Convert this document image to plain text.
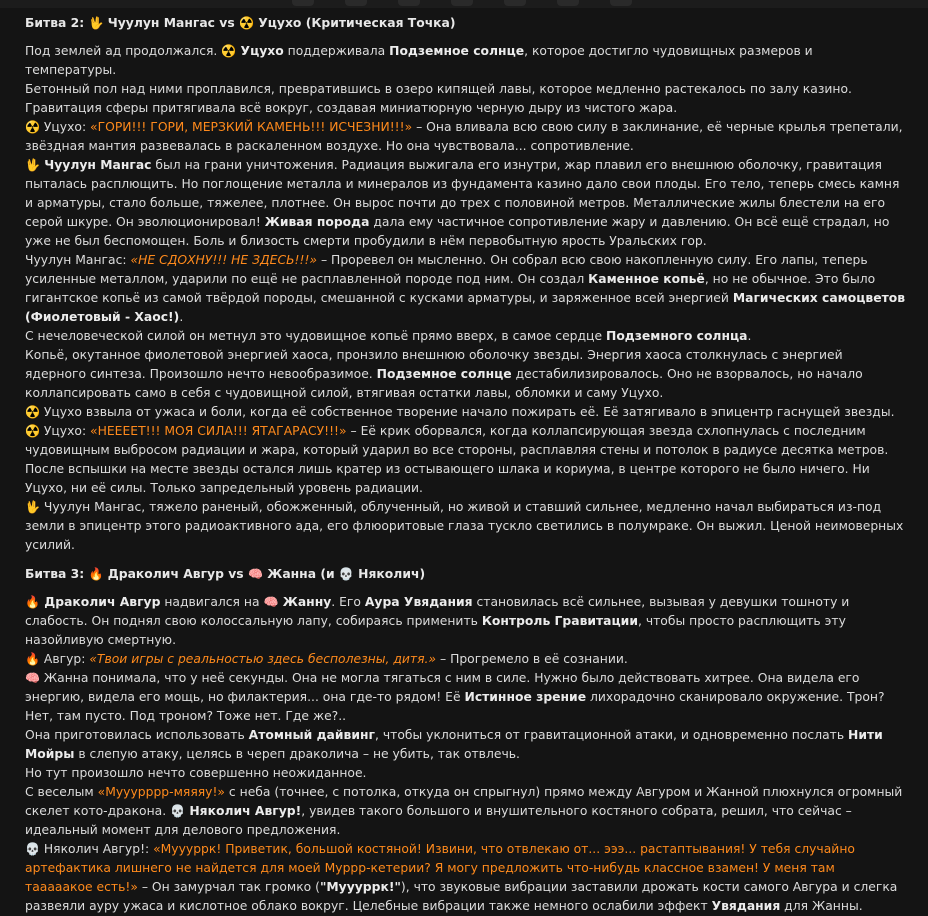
Битва 2: 🖖 Чуулун Мангас vs ☢️ Уцухо (Критическая Точка)

Под землей ад продолжался. ☢️ Уцухо поддерживала Подземное солнце, которое достигло чудовищных размеров и температуры.

Бетонный пол над ними проплавился, превратившись в озеро кипящей лавы, которое медленно растекалось по залу казино. Гравитация сферы притягивала всё вокруг, создавая миниатюрную черную дыру из чистого жара.

☢️ Уцухо: «ГОРИ!!! ГОРИ, МЕРЗКИЙ КАМЕНЬ!!! ИСЧЕЗНИ!!!» – Она вливала всю свою силу в заклинание, её черные крылья трепетали, звёздная мантия развевалась в раскаленном воздухе. Но она чувствовала... сопротивление.

🖖 Чуулун Мангас был на грани уничтожения. Радиация выжигала его изнутри, жар плавил его внешнюю оболочку, гравитация пыталась расплющить. Но поглощение металла и минералов из фундамента казино дало свои плоды. Его тело, теперь смесь камня и арматуры, стало больше, тяжелее, плотнее. Он вырос почти до трех с половиной метров. Металлические жилы блестели на его серой шкуре. Он эволюционировал! Живая порода дала ему частичное сопротивление жару и давлению. Он всё ещё страдал, но уже не был беспомощен. Боль и близость смерти пробудили в нём первобытную ярость Уральских гор.

Чуулун Мангас: «НЕ СДОХНУ!!! НЕ ЗДЕСЬ!!!» – Проревел он мысленно. Он собрал всю свою накопленную силу. Его лапы, теперь усиленные металлом, ударили по ещё не расплавленной породе под ним. Он создал Каменное копьё, но не обычное. Это было гигантское копьё из самой твёрдой породы, смешанной с кусками арматуры, и заряженное всей энергией Магических самоцветов (Фиолетовый - Хаос!).

С нечеловеческой силой он метнул это чудовищное копьё прямо вверх, в самое сердце Подземного солнца.

Копьё, окутанное фиолетовой энергией хаоса, пронзило внешнюю оболочку звезды. Энергия хаоса столкнулась с энергией ядерного синтеза. Произошло нечто невообразимое. Подземное солнце дестабилизировалось. Оно не взорвалось, но начало коллапсировать само в себя с чудовищной силой, втягивая остатки лавы, обломки и саму Уцухо.

☢️ Уцухо взвыла от ужаса и боли, когда её собственное творение начало пожирать её. Её затягивало в эпицентр гаснущей звезды.

☢️ Уцухо: «НЕЕЕЕТ!!! МОЯ СИЛА!!! ЯТАГАРАСУ!!!» – Её крик оборвался, когда коллапсирующая звезда схлопнулась с последним чудовищным выбросом радиации и жара, который ударил во все стороны, расплавляя стены и потолок в радиусе десятка метров. После вспышки на месте звезды остался лишь кратер из остывающего шлака и кориума, в центре которого не было ничего. Ни Уцухо, ни её силы. Только запредельный уровень радиации.

🖖 Чуулун Мангас, тяжело раненый, обожженный, облученный, но живой и ставший сильнее, медленно начал выбираться из-под земли в эпицентр этого радиоактивного ада, его флюоритовые глаза тускло светились в полумраке. Он выжил. Ценой неимоверных усилий.

Битва 3: 🔥 Драколич Авгур vs 🧠 Жанна (и 💀 Няколич)

🔥 Драколич Авгур надвигался на 🧠 Жанну. Его Аура Увядания становилась всё сильнее, вызывая у девушки тошноту и слабость. Он поднял свою колоссальную лапу, собираясь применить Контроль Гравитации, чтобы просто расплющить эту назойливую смертную.

🔥 Авгур: «Твои игры с реальностью здесь бесполезны, дитя.» – Прогремело в её сознании.

🧠 Жанна понимала, что у неё секунды. Она не могла тягаться с ним в силе. Нужно было действовать хитрее. Она видела его энергию, видела его мощь, но филактерия... она где-то рядом! Её Истинное зрение лихорадочно сканировало окружение. Трон? Нет, там пусто. Под троном? Тоже нет. Где же?..

Она приготовилась использовать Атомный дайвинг, чтобы уклониться от гравитационной атаки, и одновременно послать Нити Мойры в слепую атаку, целясь в череп драколича – не убить, так отвлечь.

Но тут произошло нечто совершенно неожиданное.

С веселым «Мууурррр-мяяяу!» с неба (точнее, с потолка, откуда он спрыгнул) прямо между Авгуром и Жанной плюхнулся огромный скелет кото-дракона. 💀 Няколич Авгур!, увидев такого большого и внушительного костяного собрата, решил, что сейчас – идеальный момент для делового предложения.

💀 Няколич Авгур!: «Муууррк! Приветик, большой костяной! Извини, что отвлекаю от... эээ... растаптывания! У тебя случайно артефактика лишнего не найдется для моей Муррр-кетерии? Я могу предложить что-нибудь классное взамен! У меня там тааааакое есть!» – Он замурчал так громко ("Муууррк!"), что звуковые вибрации заставили дрожать кости самого Авгура и слегка развеяли ауру ужаса и кислотное облако вокруг. Целебные вибрации также немного ослабили эффект Увядания для Жанны.
